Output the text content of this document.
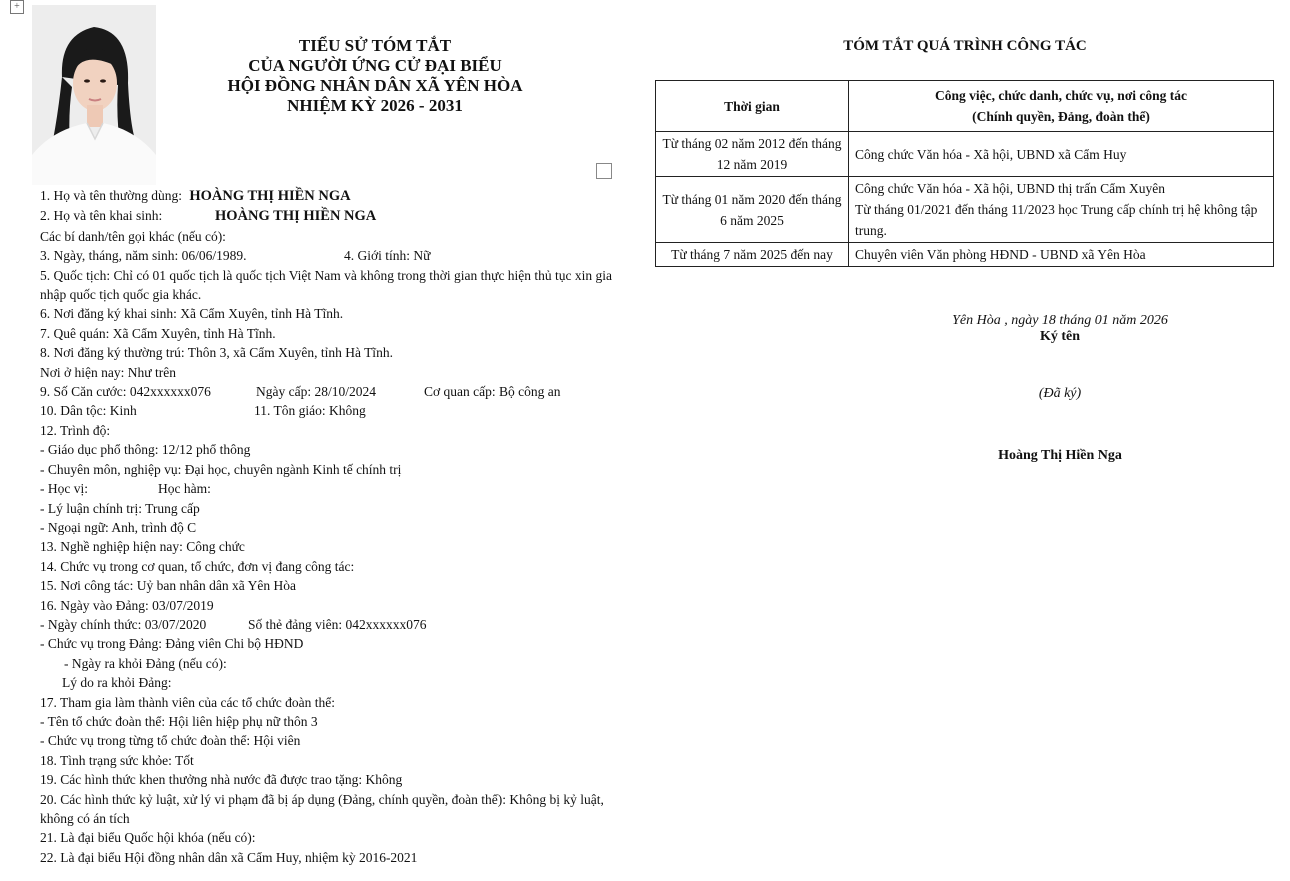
+
TIỂU SỬ TÓM TẮT
CỦA NGƯỜI ỨNG CỬ ĐẠI BIỂU
HỘI ĐỒNG NHÂN DÂN XÃ YÊN HÒA
NHIỆM KỲ 2026 - 2031
1. Họ và tên thường dùng: HOÀNG THỊ HIỀN NGA
2. Họ và tên khai sinh:	HOÀNG THỊ HIỀN NGA
Các bí danh/tên gọi khác (nếu có):
3. Ngày, tháng, năm sinh: 06/06/1989.	4. Giới tính: Nữ
5. Quốc tịch: Chỉ có 01 quốc tịch là quốc tịch Việt Nam và không trong thời gian thực hiện thủ tục xin gia nhập quốc tịch quốc gia khác.
6. Nơi đăng ký khai sinh: Xã Cẩm Xuyên, tỉnh Hà Tĩnh.
7. Quê quán: Xã Cẩm Xuyên, tỉnh Hà Tĩnh.
8. Nơi đăng ký thường trú: Thôn 3, xã Cẩm Xuyên, tỉnh Hà Tĩnh.
Nơi ở hiện nay: Như trên
9. Số Căn cước: 042xxxxxx076	Ngày cấp: 28/10/2024	Cơ quan cấp: Bộ công an
10. Dân tộc: Kinh	11. Tôn giáo: Không
12. Trình độ:
- Giáo dục phổ thông: 12/12 phổ thông
- Chuyên môn, nghiệp vụ: Đại học, chuyên ngành Kinh tế chính trị
- Học vị:	Học hàm:
- Lý luận chính trị: Trung cấp
- Ngoại ngữ: Anh, trình độ C
13. Nghề nghiệp hiện nay: Công chức
14. Chức vụ trong cơ quan, tổ chức, đơn vị đang công tác:
15. Nơi công tác: Uỷ ban nhân dân xã Yên Hòa
16. Ngày vào Đảng: 03/07/2019
- Ngày chính thức: 03/07/2020	Số thẻ đảng viên: 042xxxxxx076
- Chức vụ trong Đảng: Đảng viên Chi bộ HĐND
- Ngày ra khỏi Đảng (nếu có):
Lý do ra khỏi Đảng:
17. Tham gia làm thành viên của các tổ chức đoàn thể:
- Tên tổ chức đoàn thể: Hội liên hiệp phụ nữ thôn 3
- Chức vụ trong từng tổ chức đoàn thể: Hội viên
18. Tình trạng sức khỏe: Tốt
19. Các hình thức khen thưởng nhà nước đã được trao tặng: Không
20. Các hình thức kỷ luật, xử lý vi phạm đã bị áp dụng (Đảng, chính quyền, đoàn thể): Không bị kỷ luật, không có án tích
21. Là đại biểu Quốc hội khóa (nếu có):
22. Là đại biểu Hội đồng nhân dân xã Cẩm Huy, nhiệm kỳ 2016-2021
TÓM TẮT QUÁ TRÌNH CÔNG TÁC
Thời gian	Công việc, chức danh, chức vụ, nơi công tác
(Chính quyền, Đảng, đoàn thể)

Từ tháng 02 năm 2012 đến tháng 12 năm 2019	Công chức Văn hóa - Xã hội, UBND xã Cẩm Huy

Từ tháng 01 năm 2020 đến tháng 6 năm 2025	Công chức Văn hóa - Xã hội, UBND thị trấn Cẩm Xuyên
Từ tháng 01/2021 đến tháng 11/2023 học Trung cấp chính trị hệ không tập trung.

Từ tháng 7 năm 2025 đến nay	Chuyên viên Văn phòng HĐND - UBND xã Yên Hòa
Yên Hòa , ngày 18 tháng 01 năm 2026
Ký tên
(Đã ký)
Hoàng Thị Hiền Nga
